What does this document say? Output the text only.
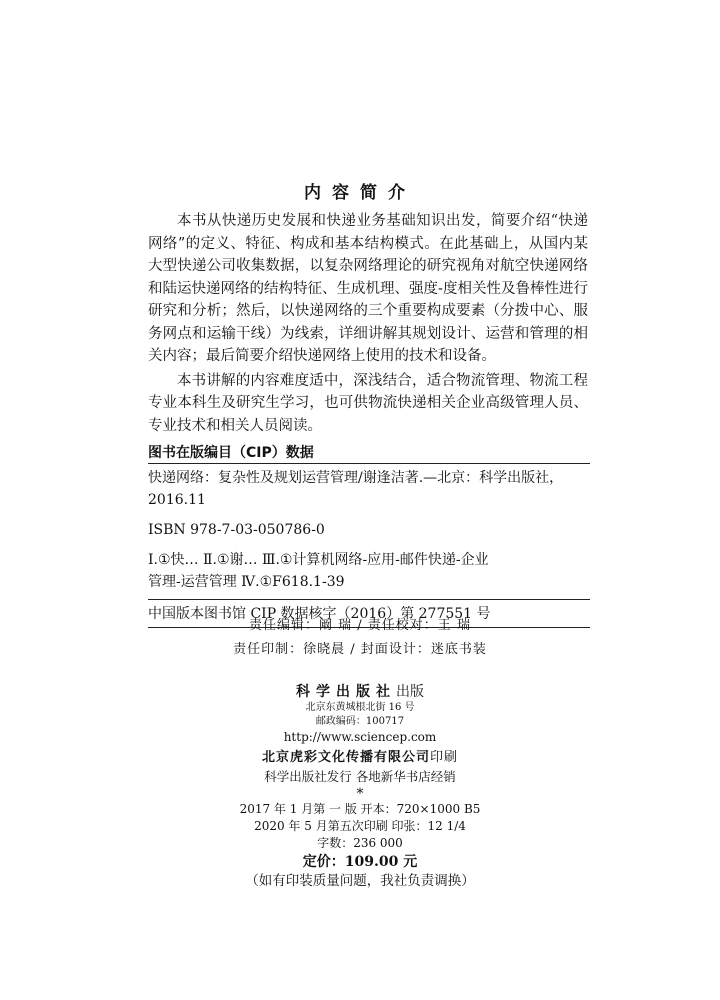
内容简介

本书从快递历史发展和快递业务基础知识出发，简要介绍“快递网络”的定义、特征、构成和基本结构模式。在此基础上，从国内某大型快递公司收集数据，以复杂网络理论的研究视角对航空快递网络和陆运快递网络的结构特征、生成机理、强度-度相关性及鲁棒性进行研究和分析；然后，以快递网络的三个重要构成要素（分拨中心、服务网点和运输干线）为线索，详细讲解其规划设计、运营和管理的相关内容；最后简要介绍快递网络上使用的技术和设备。

本书讲解的内容难度适中，深浅结合，适合物流管理、物流工程专业本科生及研究生学习，也可供物流快递相关企业高级管理人员、专业技术和相关人员阅读。

图书在版编目（CIP）数据
快递网络：复杂性及规划运营管理/谢逢洁著.—北京：科学出版社，
2016.11
ISBN 978-7-03-050786-0
Ⅰ.①快… Ⅱ.①谢… Ⅲ.①计算机网络-应用-邮件快递-企业
管理-运营管理 Ⅳ.①F618.1-39
中国版本图书馆 CIP 数据核字（2016）第 277551 号
责任编辑：阚 瑞 / 责任校对：王 瑞
责任印制：徐晓晨 / 封面设计：迷底书装
科学出版社出版
北京东黄城根北街 16 号
邮政编码：100717
http://www.sciencep.com
北京虎彩文化传播有限公司印刷
科学出版社发行 各地新华书店经销
*
2017 年 1 月第 一 版 开本：720×1000 B5
2020 年 5 月第五次印刷 印张：12 1/4
字数：236 000
定价：109.00 元
（如有印装质量问题，我社负责调换）
